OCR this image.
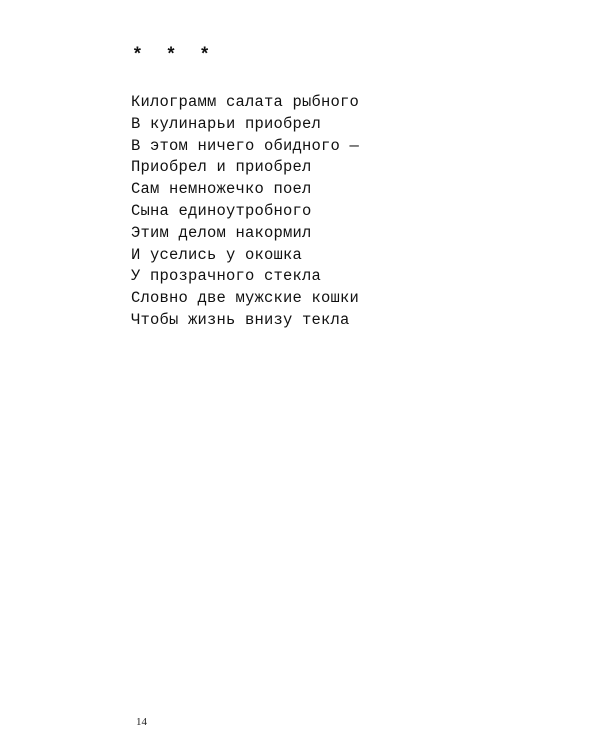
* * *
Килограмм салата рыбного
В кулинарьи приобрел
В этом ничего обидного —
Приобрел и приобрел
Сам немножечко поел
Сына единоутробного
Этим делом накормил
И уселись у окошка
У прозрачного стекла
Словно две мужские кошки
Чтобы жизнь внизу текла
14
